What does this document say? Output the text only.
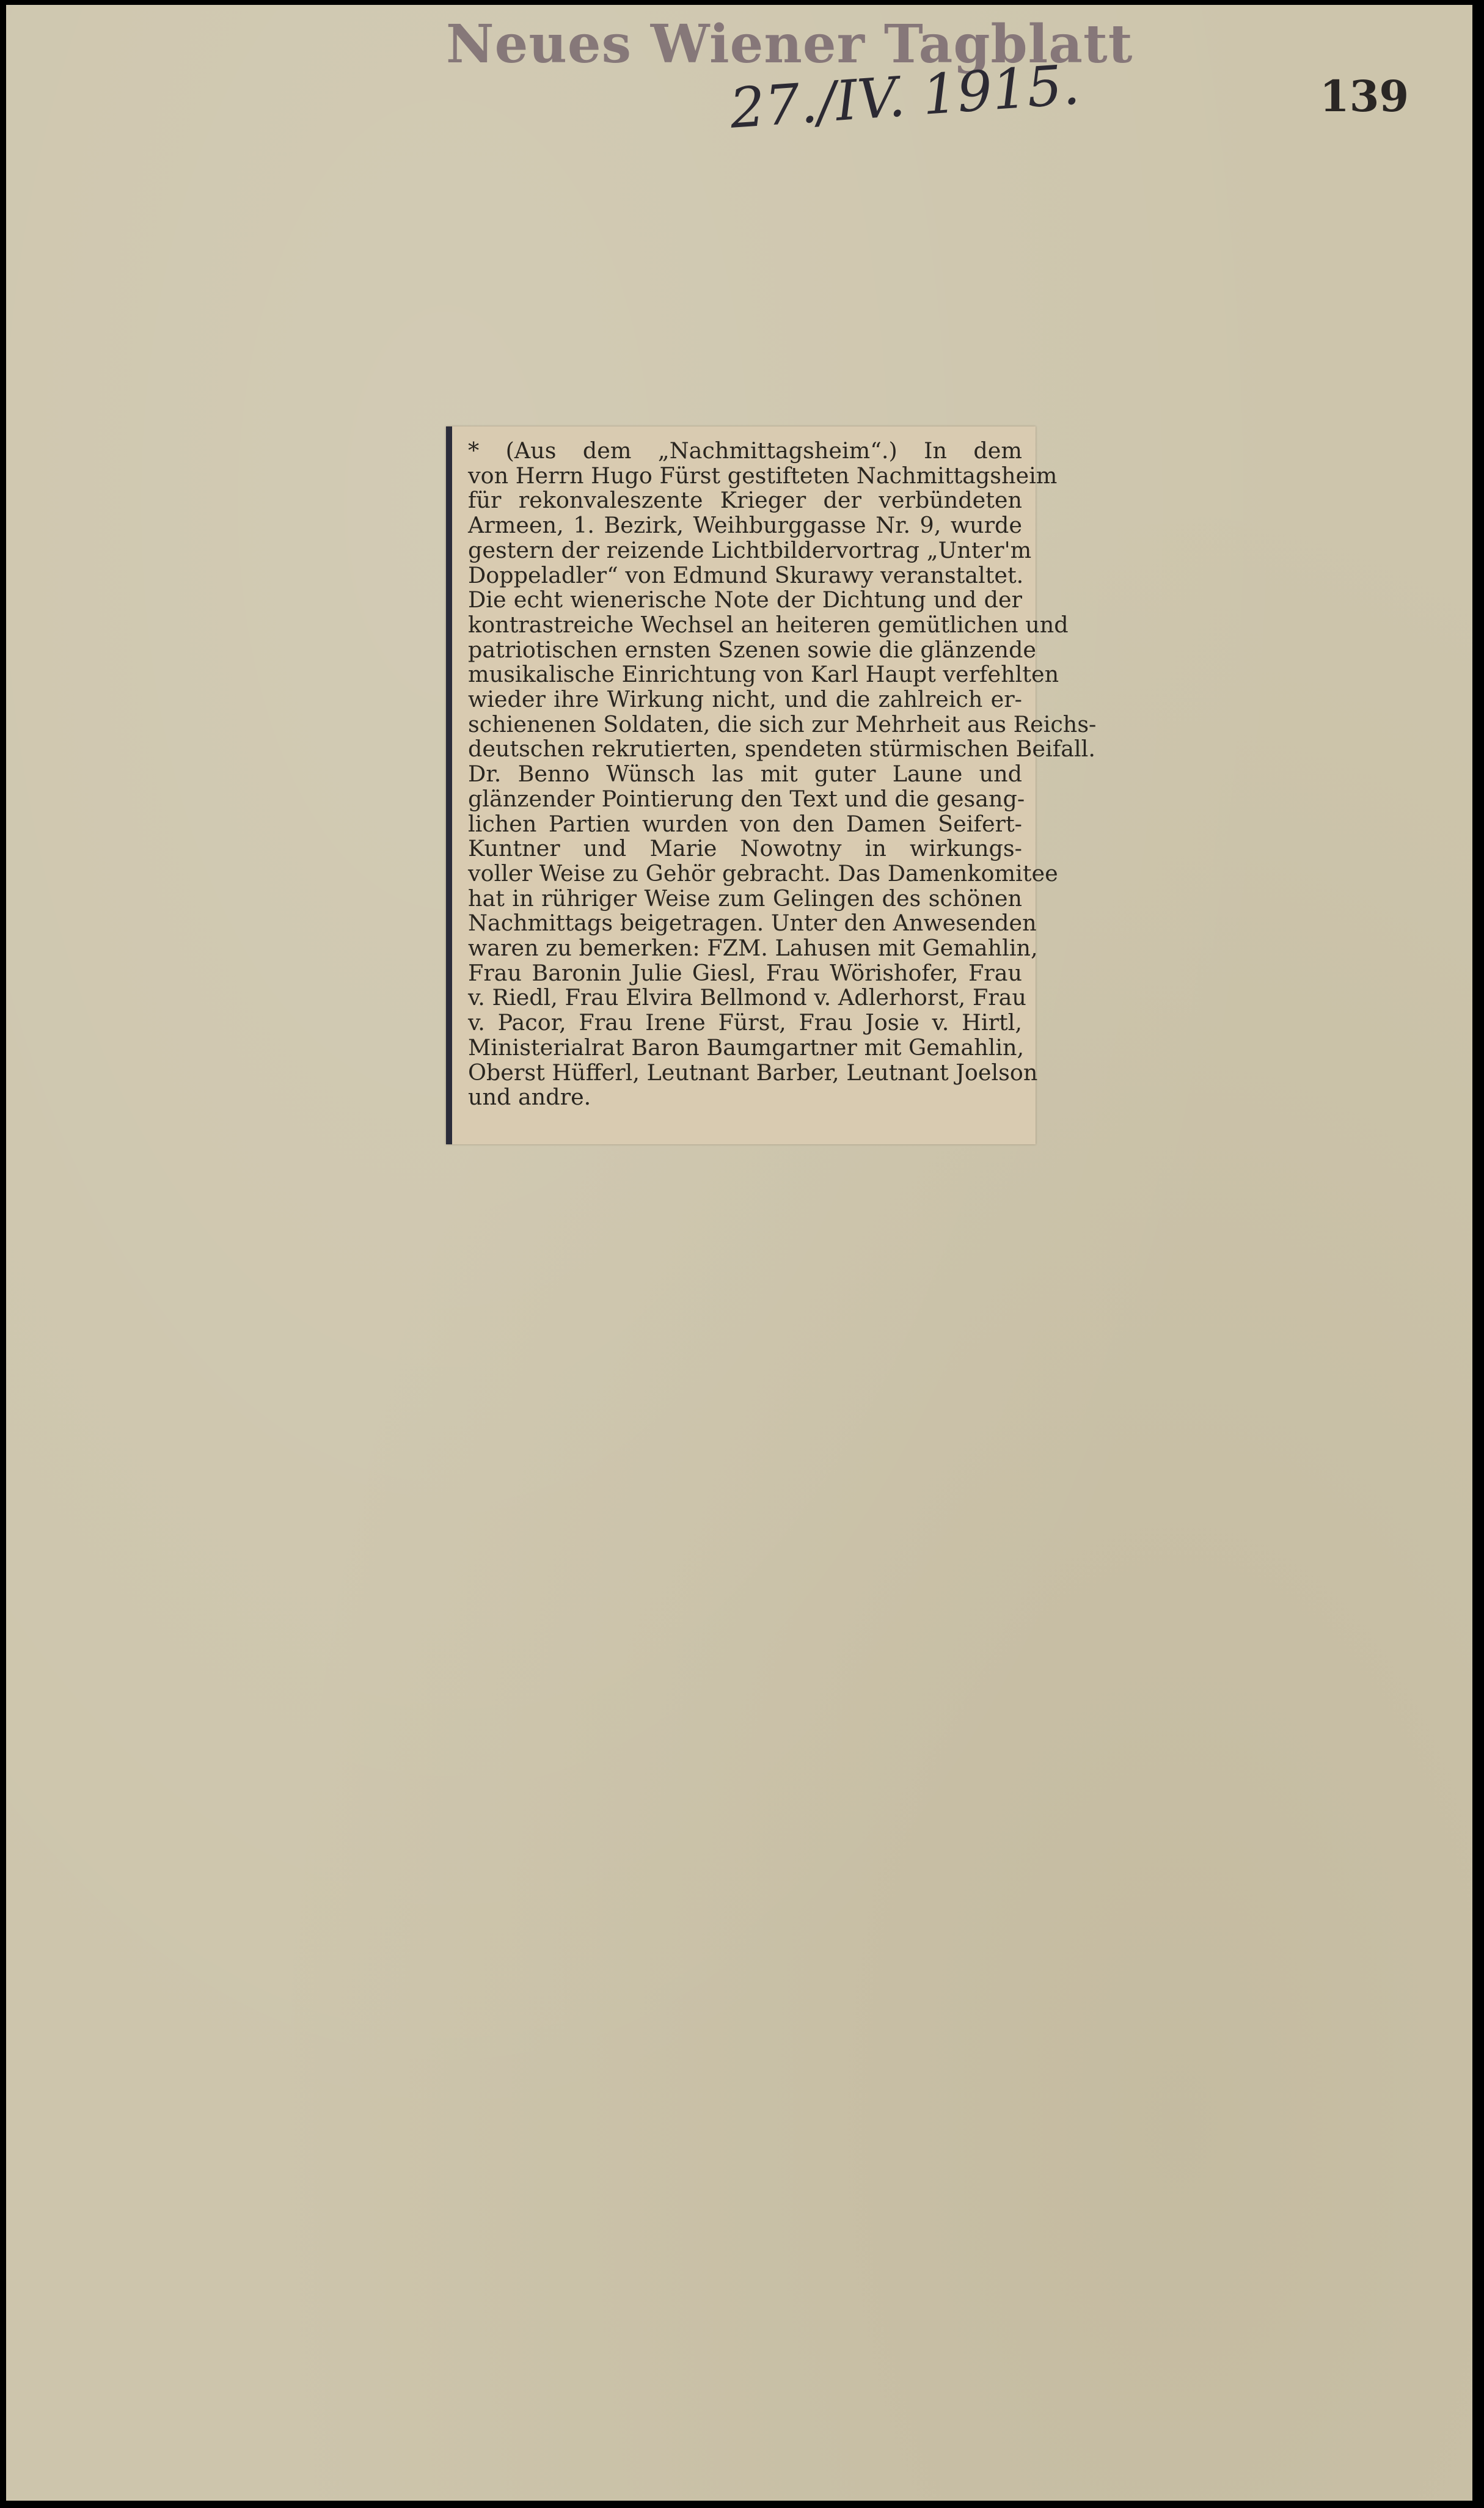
Neues Wiener Tagblatt
27./IV. 1915.	139
* (Aus dem „Nachmittagsheim“.) In dem
von Herrn Hugo Fürst gestifteten Nachmittagsheim
für rekonvaleszente Krieger der verbündeten
Armeen, 1. Bezirk, Weihburggasse Nr. 9, wurde
gestern der reizende Lichtbildervortrag „Unter'm
Doppeladler“ von Edmund Skurawy veranstaltet.
Die echt wienerische Note der Dichtung und der
kontrastreiche Wechsel an heiteren gemütlichen und
patriotischen ernsten Szenen sowie die glänzende
musikalische Einrichtung von Karl Haupt verfehlten
wieder ihre Wirkung nicht, und die zahlreich er-
schienenen Soldaten, die sich zur Mehrheit aus Reichs-
deutschen rekrutierten, spendeten stürmischen Beifall.
Dr. Benno Wünsch las mit guter Laune und
glänzender Pointierung den Text und die gesang-
lichen Partien wurden von den Damen Seifert-
Kuntner und Marie Nowotny in wirkungs-
voller Weise zu Gehör gebracht. Das Damenkomitee
hat in rühriger Weise zum Gelingen des schönen
Nachmittags beigetragen. Unter den Anwesenden
waren zu bemerken: FZM. Lahusen mit Gemahlin,
Frau Baronin Julie Giesl, Frau Wörishofer, Frau
v. Riedl, Frau Elvira Bellmond v. Adlerhorst, Frau
v. Pacor, Frau Irene Fürst, Frau Josie v. Hirtl,
Ministerialrat Baron Baumgartner mit Gemahlin,
Oberst Hüfferl, Leutnant Barber, Leutnant Joelson
und andre.
